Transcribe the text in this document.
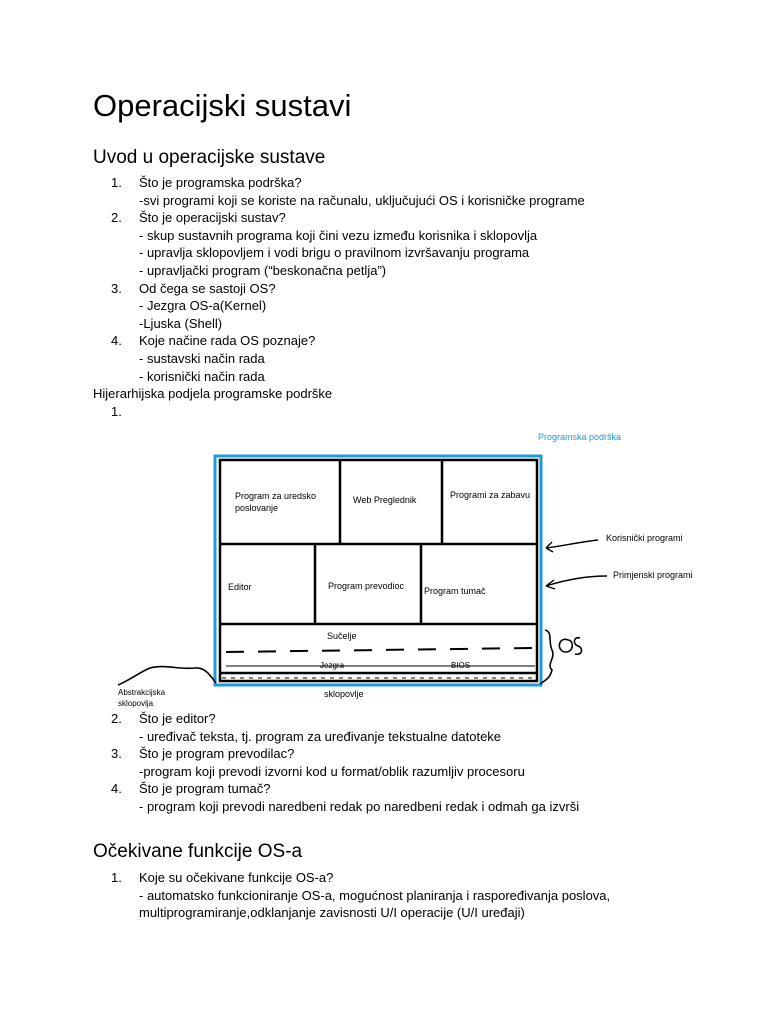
Operacijski sustavi
Uvod u operacijske sustave
1.	Što je programska podrška?
-svi programi koji se koriste na računalu, uključujući OS i korisničke programe
2.	Što je operacijski sustav?
- skup sustavnih programa koji čini vezu između korisnika i sklopovlja
- upravlja sklopovljem i vodi brigu o pravilnom izvršavanju programa
- upravljački program (“beskonačna petlja”)
3.	Od čega se sastoji OS?
- Jezgra OS-a(Kernel)
-Ljuska (Shell)
4.	Koje načine rada OS poznaje?
- sustavski način rada
- korisnički način rada
Hijerarhijska podjela programske podrške
1.
Programska podrška
Program za uredsko poslovanje
Web Preglednik	Programi za zabavu
Editor	Program prevodioc Program tumač
Sučelje
Jezgra	BIOS
sklopovlje
Abstrakcijska sklopovlja
Korisnički programi
Primjenski programi
2.	Što je editor?
- uređivač teksta, tj. program za uređivanje tekstualne datoteke
3.	Što je program prevodilac?
-program koji prevodi izvorni kod u format/oblik razumljiv procesoru
4.	Što je program tumač?
- program koji prevodi naredbeni redak po naredbeni redak i odmah ga izvrši
Očekivane funkcije OS-a
1.	Koje su očekivane funkcije OS-a?
- automatsko funkcioniranje OS-a, mogućnost planiranja i raspoređivanja poslova,
multiprogramiranje,odklanjanje zavisnosti U/I operacije (U/I uređaji)
